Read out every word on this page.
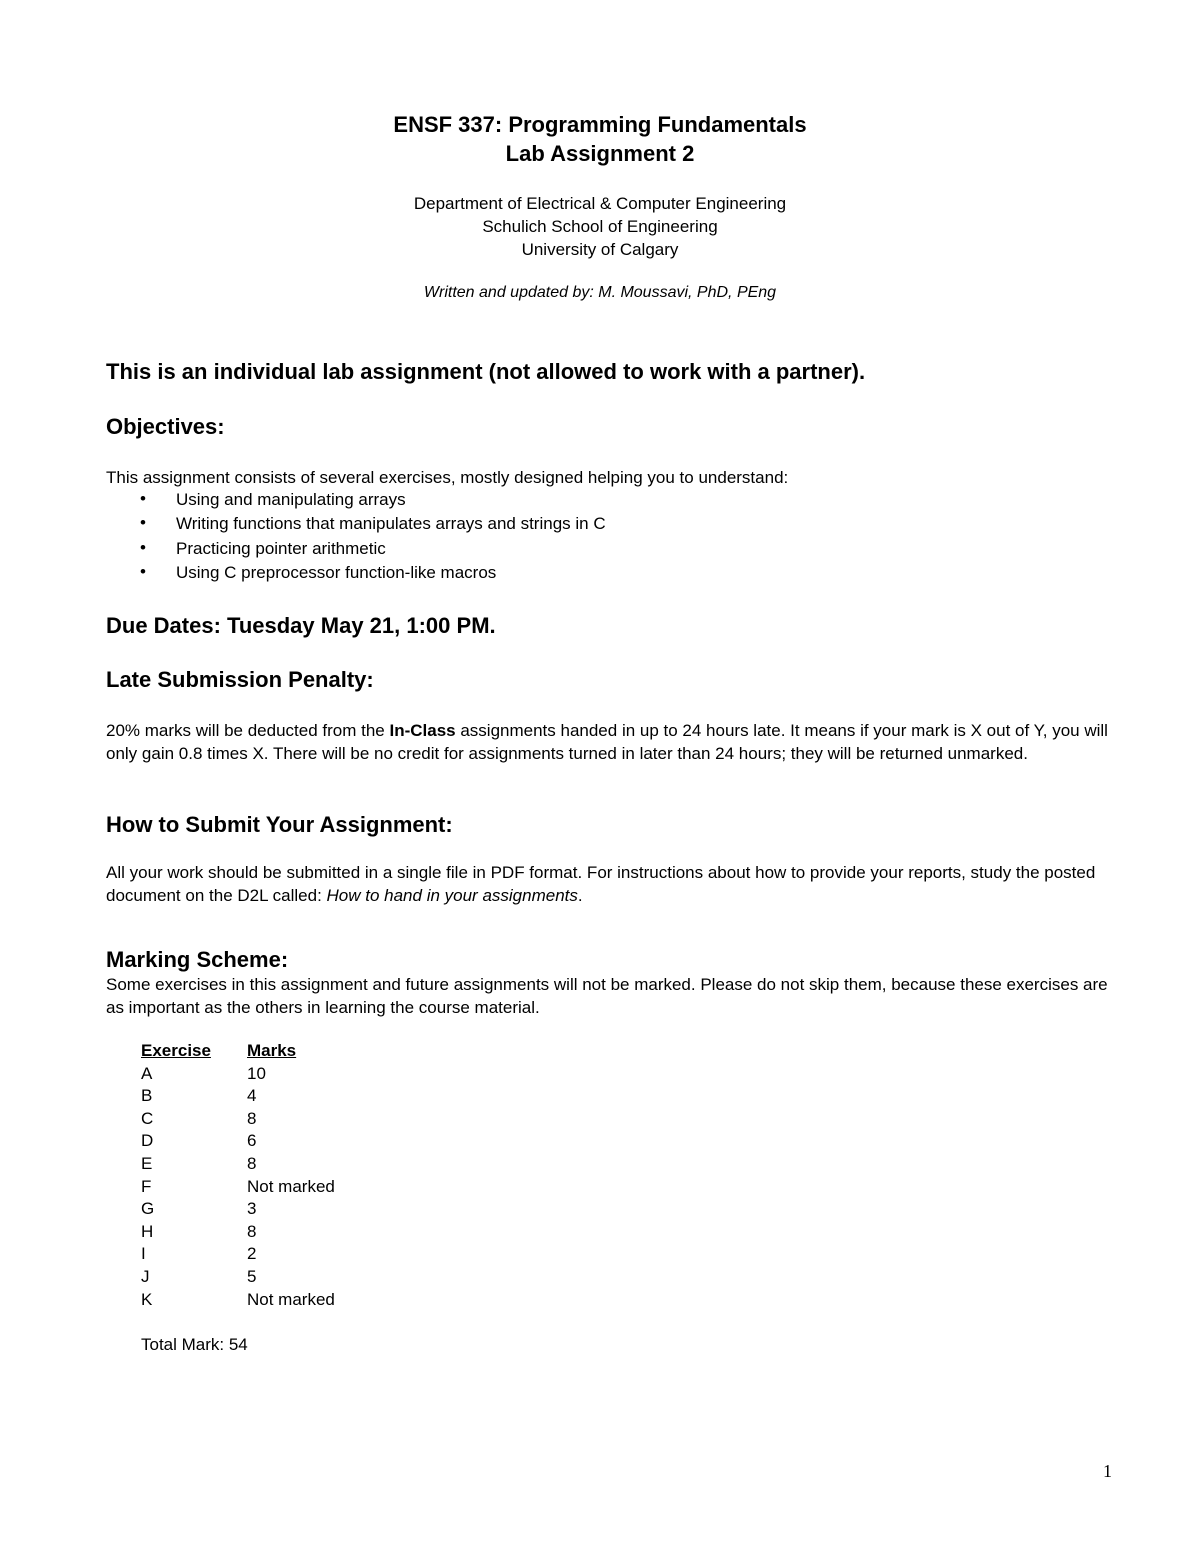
ENSF 337: Programming Fundamentals
Lab Assignment 2
Department of Electrical & Computer Engineering
Schulich School of Engineering
University of Calgary
Written and updated by: M. Moussavi, PhD, PEng
This is an individual lab assignment (not allowed to work with a partner).
Objectives:
This assignment consists of several exercises, mostly designed helping you to understand:
• Using and manipulating arrays
• Writing functions that manipulates arrays and strings in C
• Practicing pointer arithmetic
• Using C preprocessor function-like macros
Due Dates: Tuesday May 21, 1:00 PM.
Late Submission Penalty:
20% marks will be deducted from the In-Class assignments handed in up to 24 hours late. It means if your mark is X out of Y, you will only gain 0.8 times X. There will be no credit for assignments turned in later than 24 hours; they will be returned unmarked.
How to Submit Your Assignment:
All your work should be submitted in a single file in PDF format. For instructions about how to provide your reports, study the posted document on the D2L called: How to hand in your assignments.
Marking Scheme:
Some exercises in this assignment and future assignments will not be marked. Please do not skip them, because these exercises are as important as the others in learning the course material.
Exercise	Marks
A	10
B	4
C	8
D	6
E	8
F	Not marked
G	3
H	8
I	2
J	5
K	Not marked
Total Mark: 54
1
